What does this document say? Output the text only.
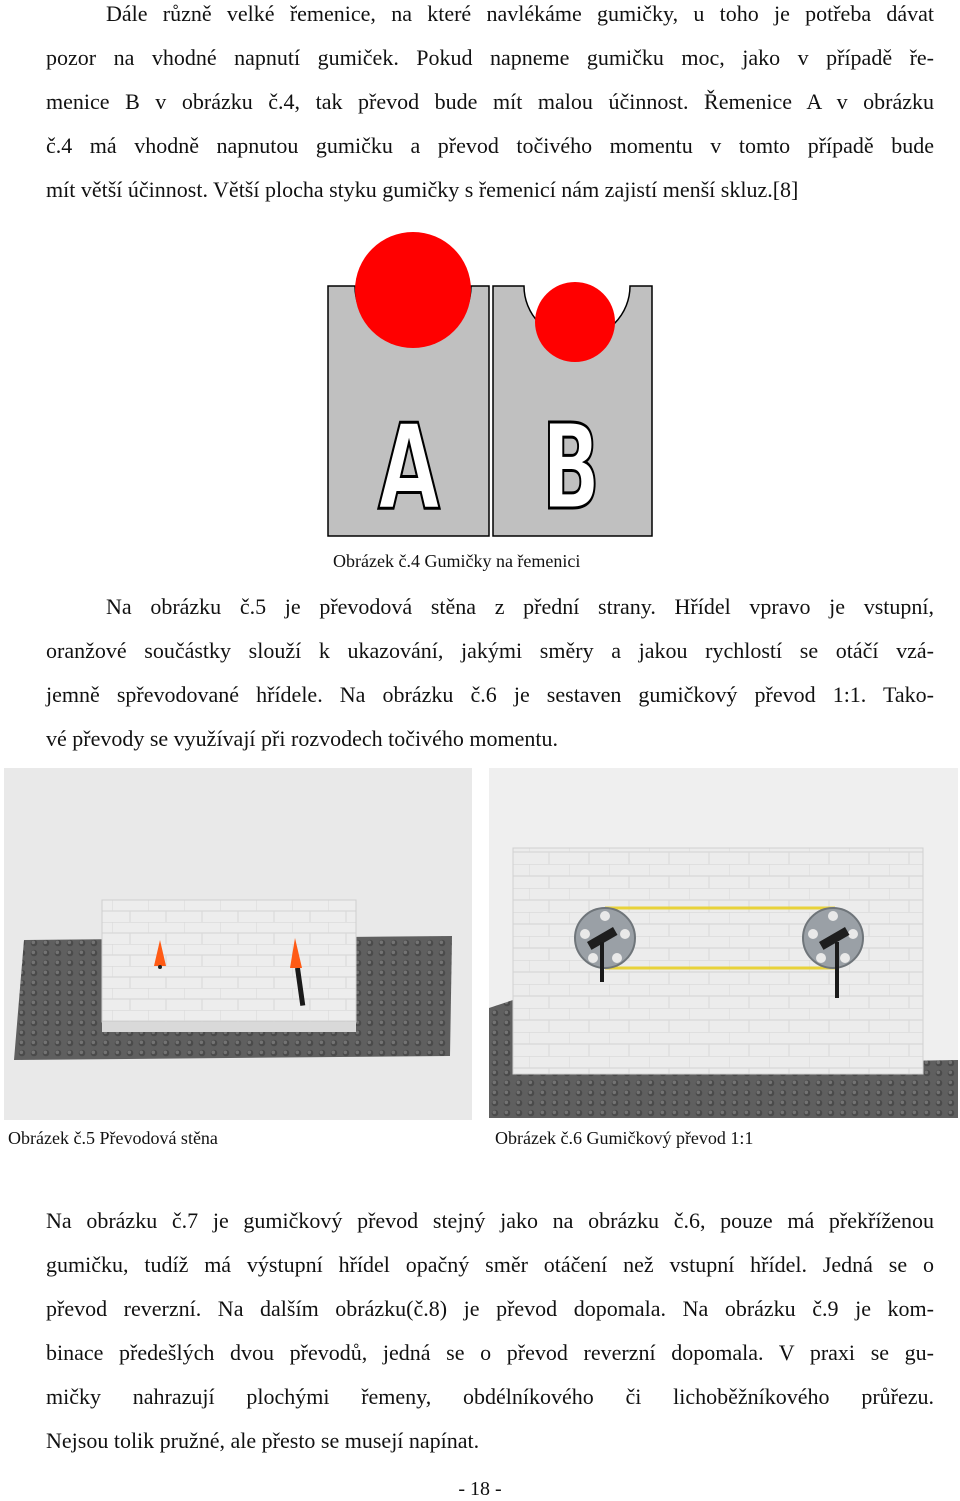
Dále různě velké řemenice, na které navlékáme gumičky, u toho je potřeba dávat
pozor na vhodné napnutí gumiček. Pokud napneme gumičku moc, jako v případě ře-
menice B v obrázku č.4, tak převod bude mít malou účinnost. Řemenice A v obrázku
č.4 má vhodně napnutou gumičku a převod točivého momentu v tomto případě bude
mít větší účinnost. Větší plocha styku gumičky s řemenicí nám zajistí menší skluz.[8]
A B

Obrázek č.4 Gumičky na řemenici

Na obrázku č.5 je převodová stěna z přední strany. Hřídel vpravo je vstupní,
oranžové součástky slouží k ukazování, jakými směry a jakou rychlostí se otáčí vzá-
jemně spřevodované hřídele. Na obrázku č.6 je sestaven gumičkový převod 1:1. Tako-
vé převody se využívají při rozvodech točivého momentu.

Obrázek č.5 Převodová stěna	Obrázek č.6 Gumičkový převod 1:1

Na obrázku č.7 je gumičkový převod stejný jako na obrázku č.6, pouze má překříženou
gumičku, tudíž má výstupní hřídel opačný směr otáčení než vstupní hřídel. Jedná se o
převod reverzní. Na dalším obrázku(č.8) je převod dopomala. Na obrázku č.9 je kom-
binace předešlých dvou převodů, jedná se o převod reverzní dopomala. V praxi se gu-
mičky nahrazují plochými řemeny, obdélníkového či lichoběžníkového průřezu.
Nejsou tolik pružné, ale přesto se musejí napínat.
- 18 -
